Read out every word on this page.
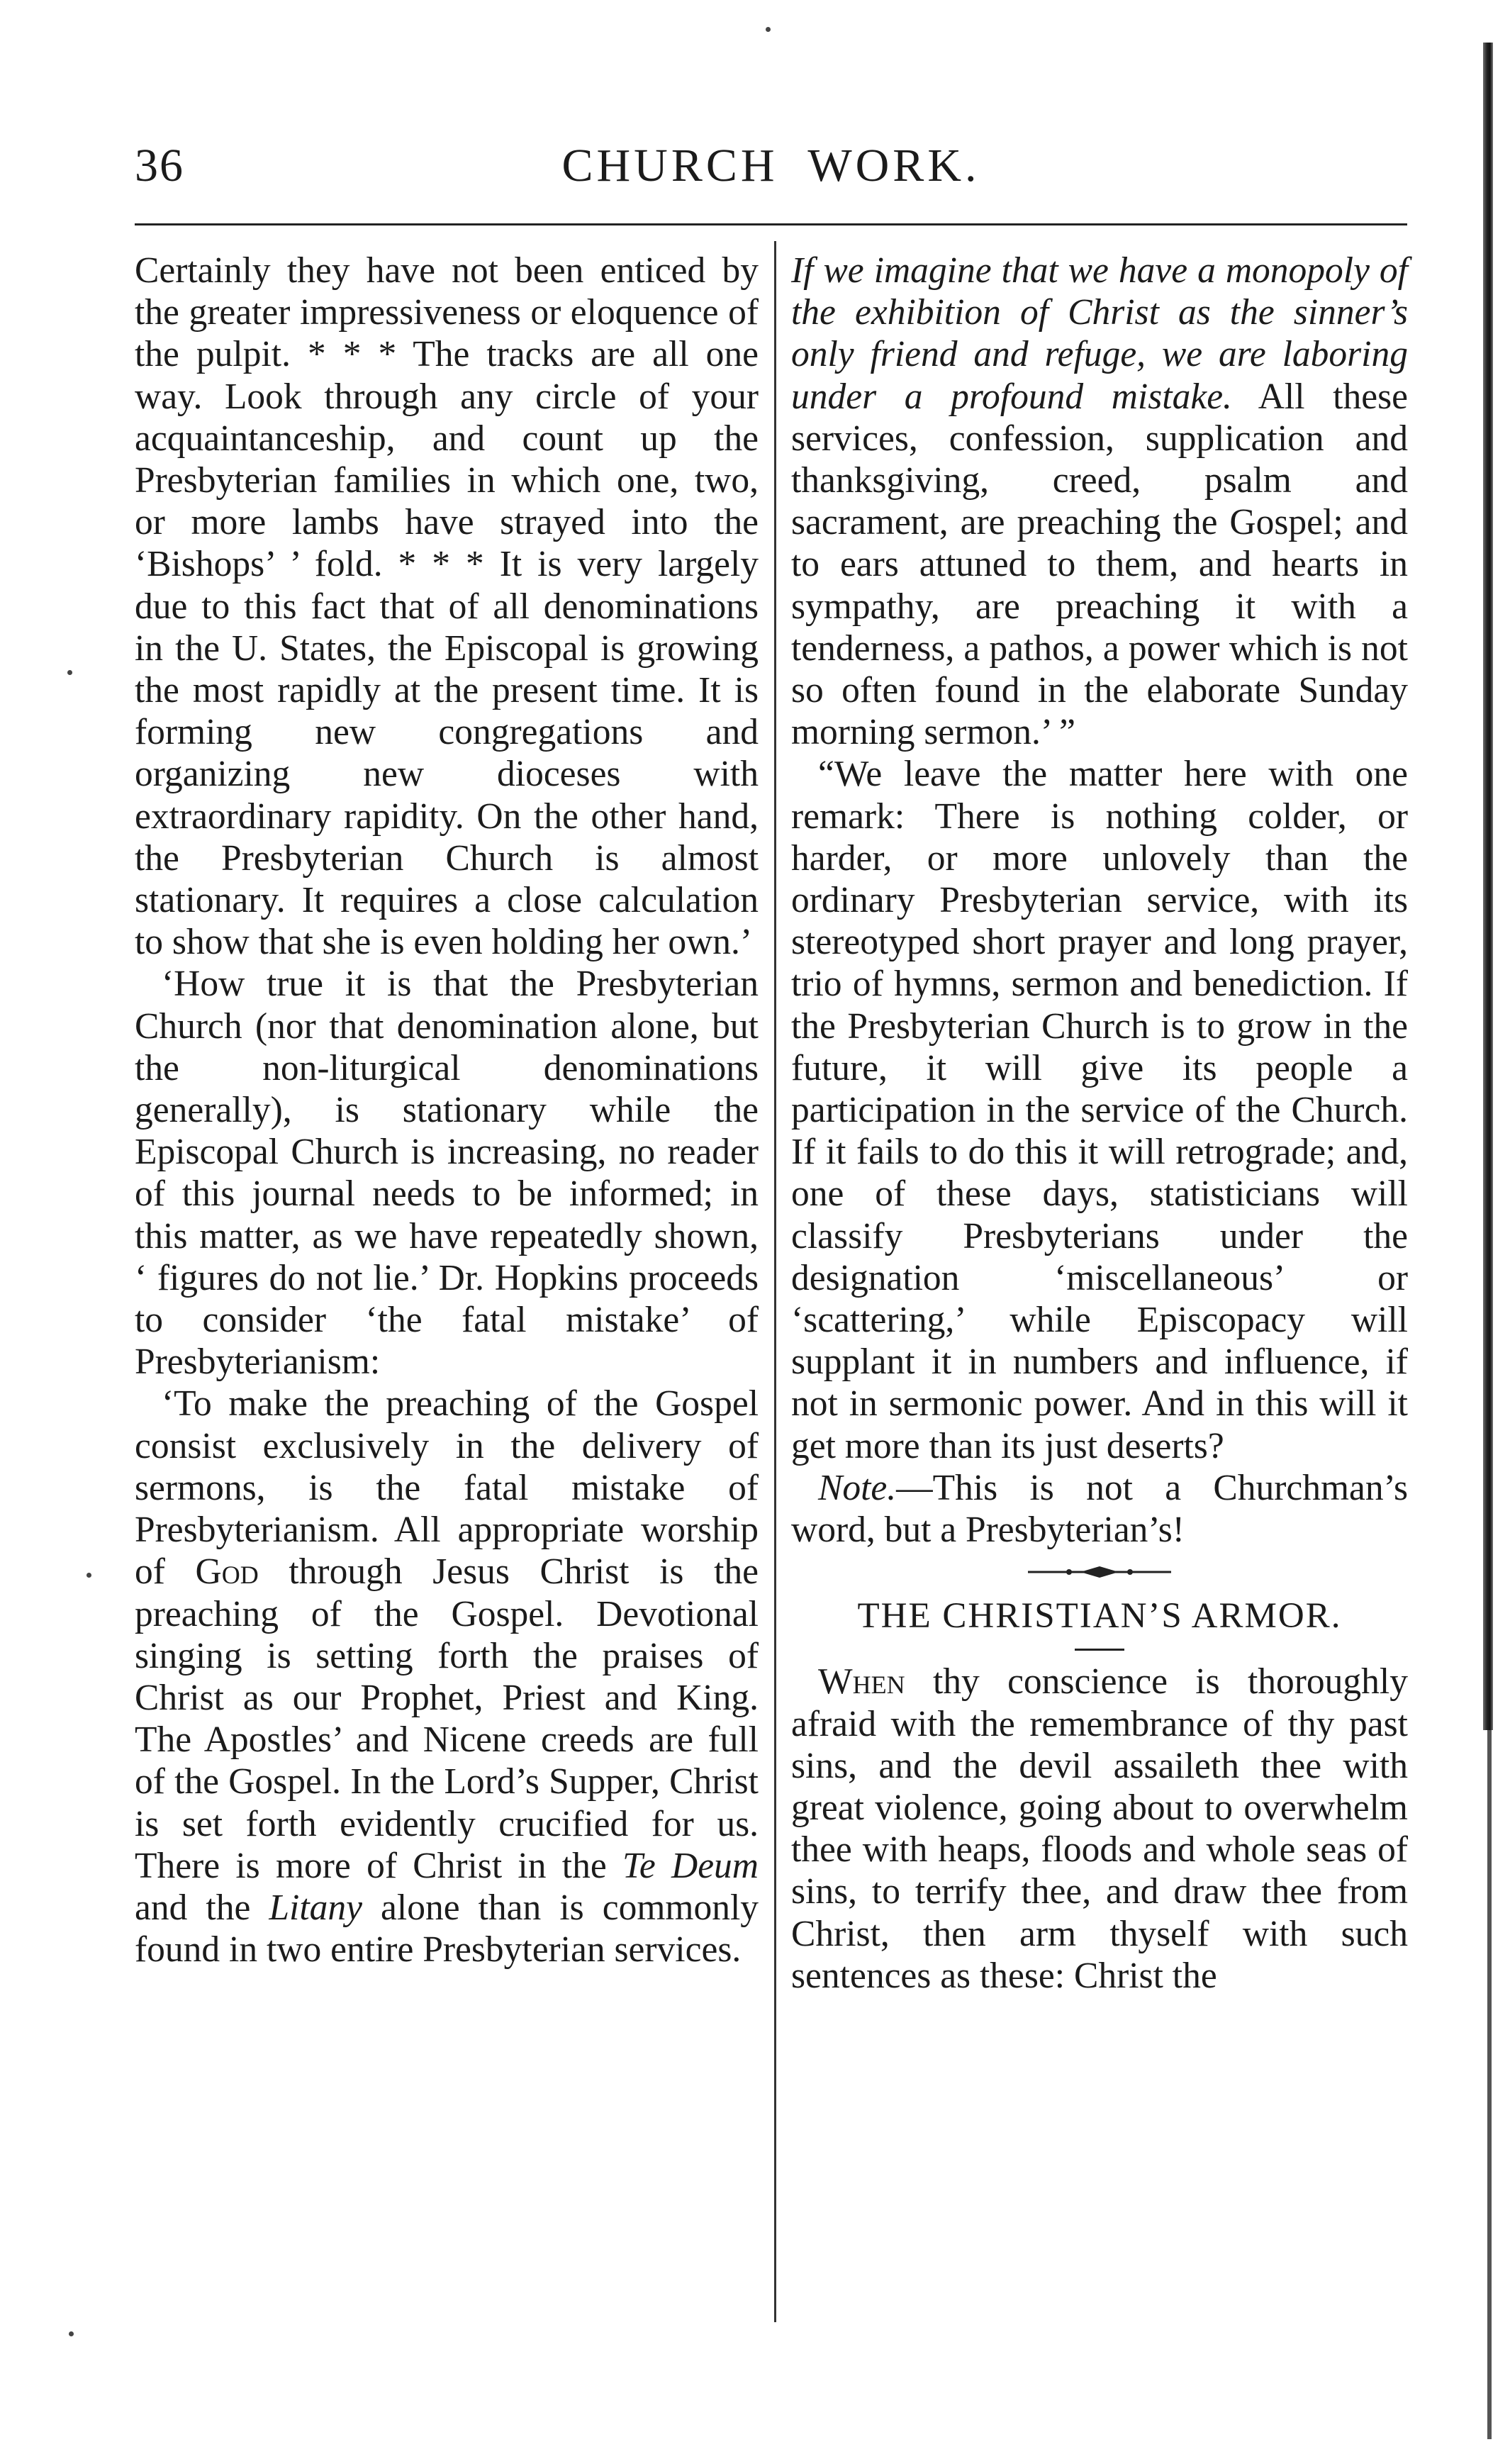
36	CHURCH  WORK.

Certainly they have not been enticed by the greater impressiveness or eloquence of the pulpit. * * * The tracks are all one way. Look through any circle of your acquaintanceship, and count up the Presbyterian families in which one, two, or more lambs have strayed into the ‘Bishops’ ’ fold. * * * It is very largely due to this fact that of all denominations in the U. States, the Episcopal is growing the most rapidly at the present time. It is forming new congregations and organizing new dioceses with extraordinary rapidity. On the other hand, the Presbyterian Church is almost stationary. It requires a close calculation to show that she is even holding her own.’

‘How true it is that the Presbyterian Church (nor that denomination alone, but the non-liturgical denominations generally), is stationary while the Episcopal Church is increasing, no reader of this journal needs to be informed; in this matter, as we have repeatedly shown, ‘ figures do not lie.’ Dr. Hopkins proceeds to consider ‘the fatal mistake’ of Presbyterianism:

‘To make the preaching of the Gospel consist exclusively in the delivery of sermons, is the fatal mistake of Presbyterianism. All appropriate worship of God through Jesus Christ is the preaching of the Gospel. Devotional singing is setting forth the praises of Christ as our Prophet, Priest and King. The Apostles’ and Nicene creeds are full of the Gospel. In the Lord’s Supper, Christ is set forth evidently crucified for us. There is more of Christ in the Te Deum and the Litany alone than is commonly found in two entire Presbyterian services.

If we imagine that we have a monopoly of the exhibition of Christ as the sinner’s only friend and refuge, we are laboring under a profound mistake. All these services, confession, supplication and thanksgiving, creed, psalm and sacrament, are preaching the Gospel; and to ears attuned to them, and hearts in sympathy, are preaching it with a tenderness, a pathos, a power which is not so often found in the elaborate Sunday morning sermon.’ ”

“We leave the matter here with one remark: There is nothing colder, or harder, or more unlovely than the ordinary Presbyterian service, with its stereotyped short prayer and long prayer, trio of hymns, sermon and benediction. If the Presbyterian Church is to grow in the future, it will give its people a participation in the service of the Church. If it fails to do this it will retrograde; and, one of these days, statisticians will classify Presbyterians under the designation ‘miscellaneous’ or ‘scattering,’ while Episcopacy will supplant it in numbers and influence, if not in sermonic power. And in this will it get more than its just deserts?

Note.—This is not a Churchman’s word, but a Presbyterian’s!

THE CHRISTIAN’S ARMOR.

When thy conscience is thoroughly afraid with the remembrance of thy past sins, and the devil assaileth thee with great violence, going about to overwhelm thee with heaps, floods and whole seas of sins, to terrify thee, and draw thee from Christ, then arm thyself with such sentences as these: Christ the
